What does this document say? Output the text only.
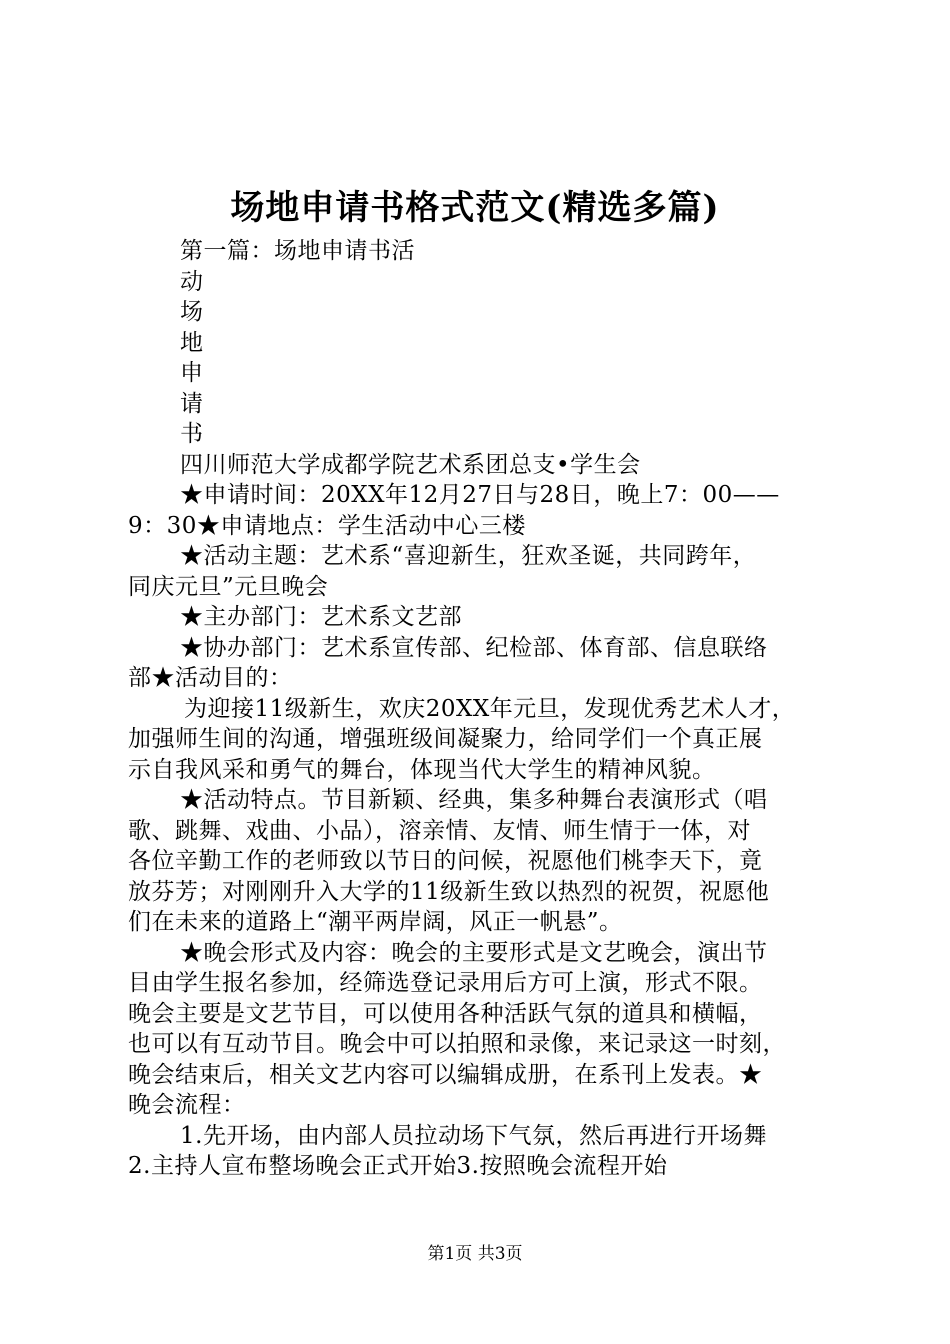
场地申请书格式范文(精选多篇)
第一篇：场地申请书活
动
场
地
申
请
书
四川师范大学成都学院艺术系团总支•学生会
★申请时间：20XX年12月27日与28日，晚上7：00——
9：30★申请地点：学生活动中心三楼
★活动主题：艺术系“喜迎新生，狂欢圣诞，共同跨年，
同庆元旦”元旦晚会
★主办部门：艺术系文艺部
★协办部门：艺术系宣传部、纪检部、体育部、信息联络
部★活动目的：
为迎接11级新生，欢庆20XX年元旦，发现优秀艺术人才，
加强师生间的沟通，增强班级间凝聚力，给同学们一个真正展
示自我风采和勇气的舞台，体现当代大学生的精神风貌。
★活动特点。节目新颖、经典，集多种舞台表演形式（唱
歌、跳舞、戏曲、小品），溶亲情、友情、师生情于一体，对
各位辛勤工作的老师致以节日的问候，祝愿他们桃李天下，竟
放芬芳；对刚刚升入大学的11级新生致以热烈的祝贺，祝愿他
们在未来的道路上“潮平两岸阔，风正一帆悬”。
★晚会形式及内容：晚会的主要形式是文艺晚会，演出节
目由学生报名参加，经筛选登记录用后方可上演，形式不限。
晚会主要是文艺节目，可以使用各种活跃气氛的道具和横幅，
也可以有互动节目。晚会中可以拍照和录像，来记录这一时刻，
晚会结束后，相关文艺内容可以编辑成册，在系刊上发表。★
晚会流程：
1.先开场，由内部人员拉动场下气氛，然后再进行开场舞
2.主持人宣布整场晚会正式开始3.按照晚会流程开始
第1页 共3页
